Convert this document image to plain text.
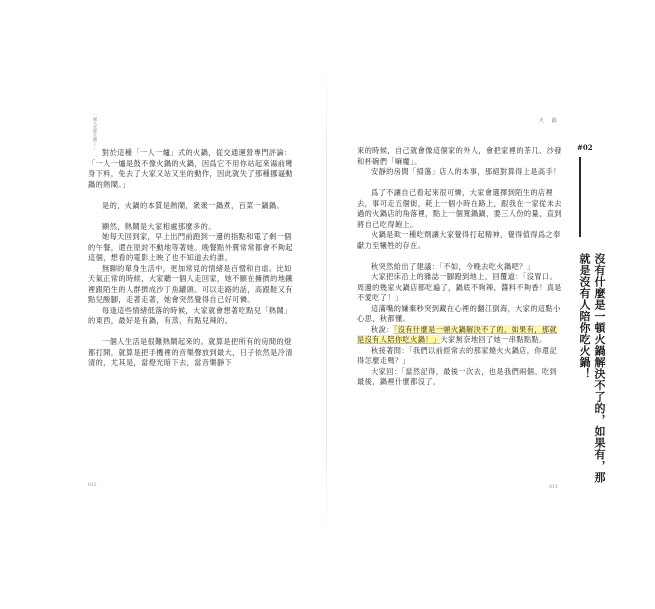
一個人也能火鍋了 ...

對於這種「一人一爐」式的火鍋，從交通運營專門評論：「一人一爐是鼓不像火鍋的火鍋，因爲它不用你站起來湯前彎身下料，免去了大家又站又坐的動作，因此就失了那種挪逼動鍋的熱鬧。」

是的，火鍋的本質是熱鬧，衆衆一鍋煮，百菜一鍋鍋。

顯然，熱鬧是大家相處那麼多的。

她每天回到家，早上出門前跑到一邊的指點和電了剩一個的午餐，還在原封不動地等著她。晚餐點外賣常常都會不夠起這個，想看的電影上映了也不知道去約誰。

無聊的單身生活中，更加常見的情緒是百憎和自虐。比如天氣正常的時候，大家聽一個人走回家，她不願在擁擠的地鐵裡跟陌生的人群擠成沙丁魚罐頭。可以走路的話，高跟鞋又有點兒酸腳，走著走著，她會突然覺得自己好可憐。

每逢這些情緒低落的時候，大家就會想著吃點兒「熱鬧」的東西，最好是有鍋，有蒸，有點兒辣的。

一個人生活是很難熱鬧起來的。就算是把所有的房間的燈都打開，就算是把手機裡的音樂聲放到最大，日子依然是冷清清的，尤其是，當燈光暗下去，當音樂靜下

012
火 鍋

來的時候，自己就會像這個家的外人，會把家裡的茶几、沙發和杯碗們「嘛魔」。

安靜的房間「掃蕩」店人的本事，那絕對算得上是高手！

爲了不讓自己看起來很可憐，大家會選擇到陌生的店裡去，事可走五個街，耗上一個小時在路上，跟我在一家從未去過的火鍋店的角落裡，點上一個寬鍋鍋，要三人份的量，直到將自己吃得飽上。

火鍋是欺一種吃劑讓大家覺得打起精神，覺得值得爲之奉獻力至犧牲的存在。

秋突然給出了建議：「不如，今晚去吃火鍋吧？」

大家把床沿上的雜誌一腳蹬到地上，回覆道：「沒胃口。周邊的幾家火鍋店都吃遍了，鍋底不夠辣，醬料不夠香！真是不愛吃了！」

這滿嘴的嫌棄秒突到藏在心裡的翻江倒海，大家的這點小心思，秋都懂。

秋說：「沒有什麼是一頓火鍋解決不了的，如果有，那就是沒有人陪你吃火鍋！」大家無奈地回了她一串點點點。

秋接著問：「我們以前經常去的那家燒火火鍋店，你還記得怎麼走嗎？」

大家回：「當然記得，最後一次去，也是我們兩個。吃到最後，鍋裡什麼都沒了，

#02
沒有什麼是一頓火鍋解決不了的，如果有，那就是沒有人陪你吃火鍋！
013
